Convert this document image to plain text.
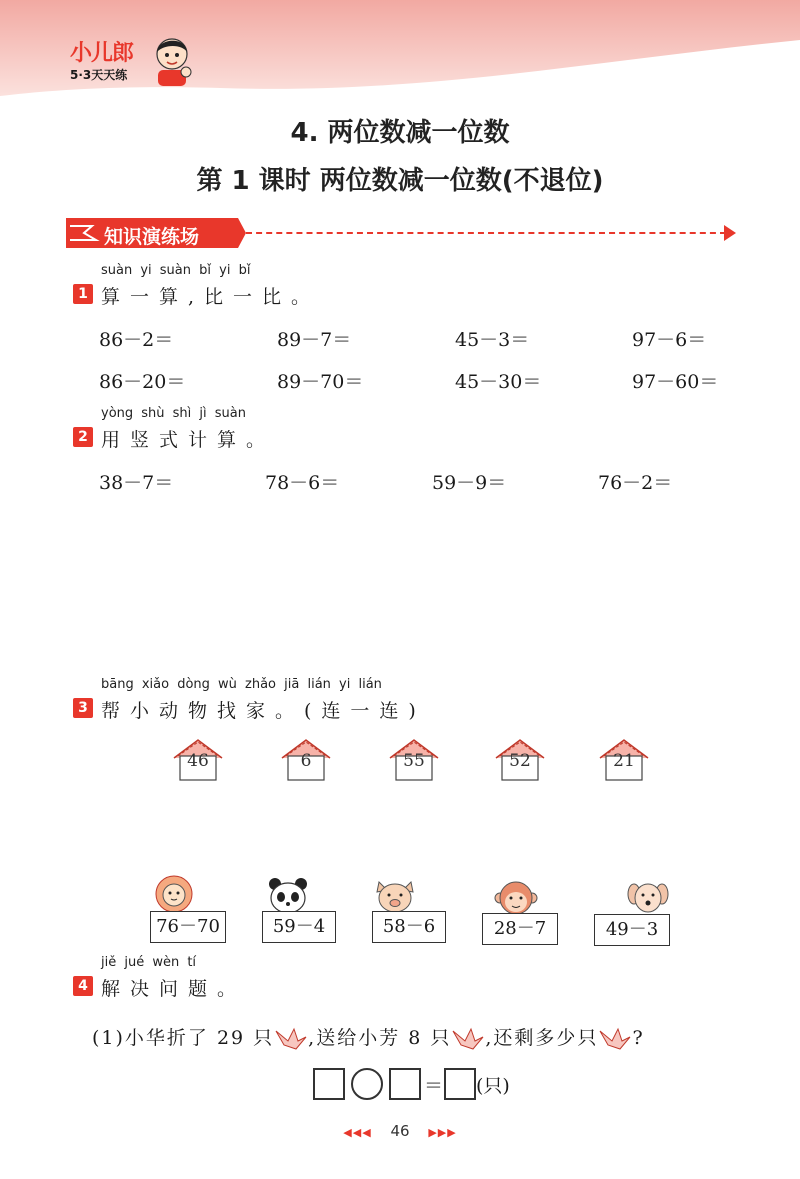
小儿郎
5·3天天练
4. 两位数减一位数
第 1 课时 两位数减一位数(不退位)
知识演练场
suàn yi suàn bǐ yi bǐ
1 算一算,比一比。
86－2＝	89－7＝	45－3＝	97－6＝
86－20＝	89－70＝	45－30＝	97－60＝
yòng shù shì jì suàn
2 用竖式计算。
38－7＝	78－6＝	59－9＝	76－2＝
bāng xiǎo dòng wù zhǎo jiā lián yi lián
3 帮小动物找家。(连一连)
46	6	55	52	21
76－70	59－4	58－6	28－7	49－3
jiě jué wèn tí
4 解决问题。
(1)小华折了 29 只 ,送给小芳 8 只 ,还剩多少只 ?
＝ (只)
◀◀◀ 46 ▶▶▶
